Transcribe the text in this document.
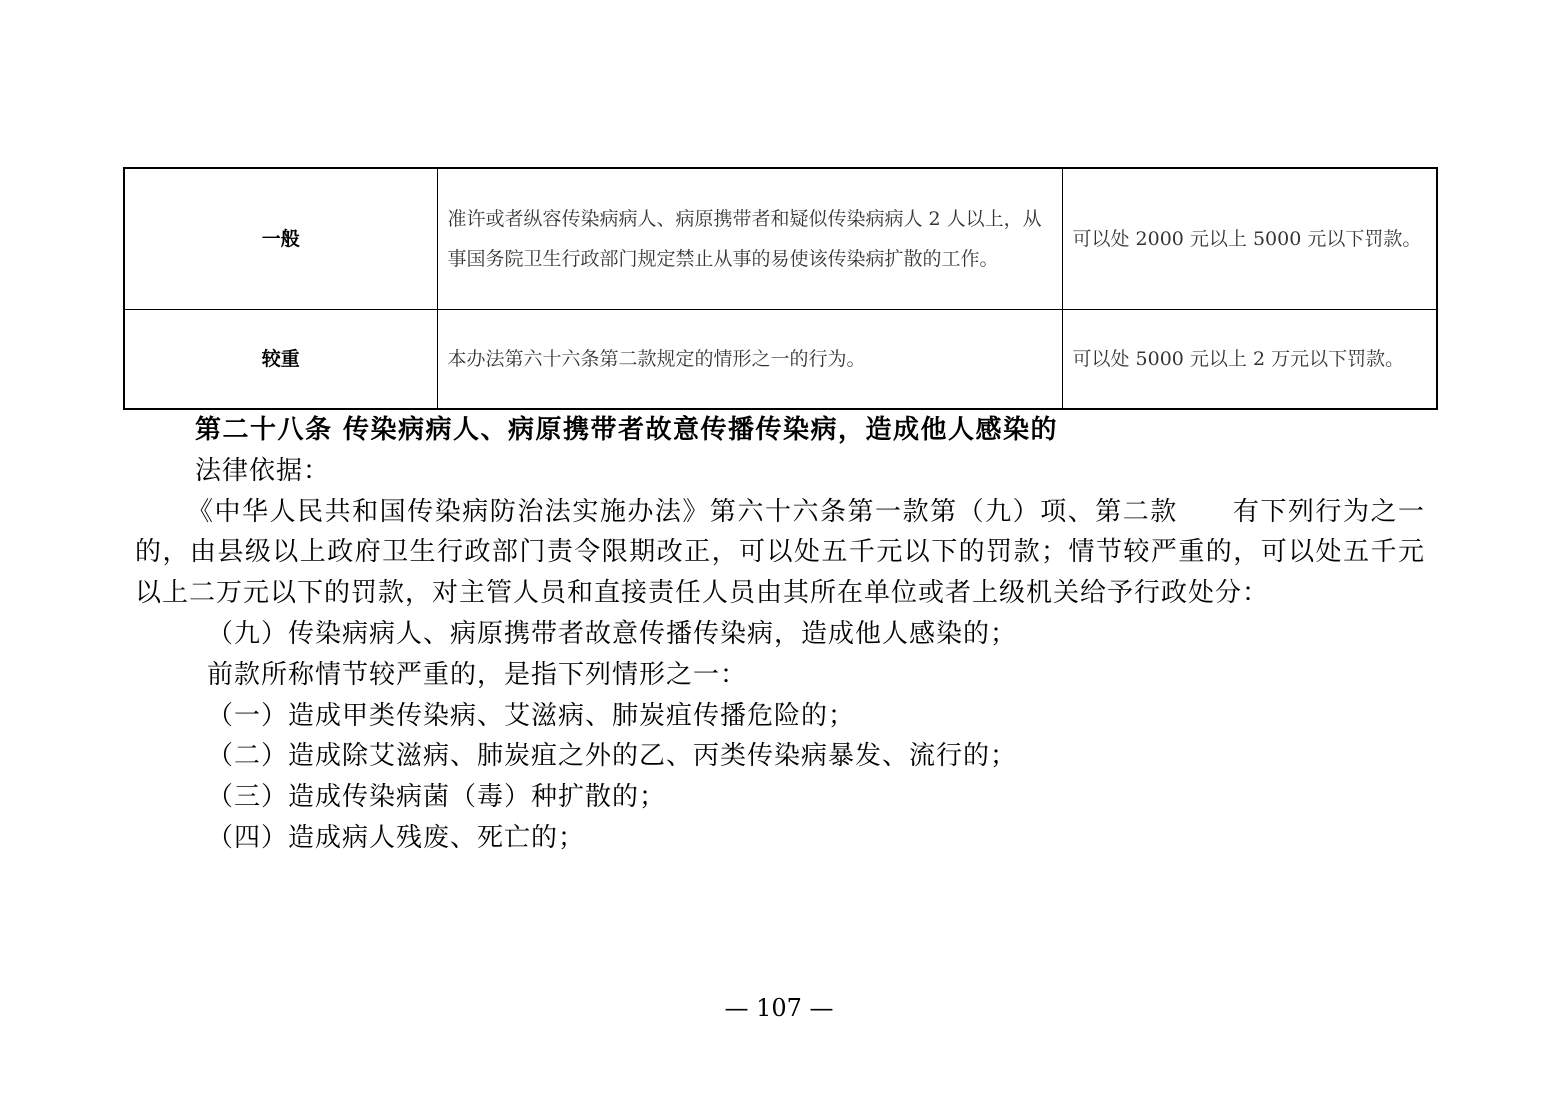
一般	准许或者纵容传染病病人、病原携带者和疑似传染病病人 2 人以上，从事国务院卫生行政部门规定禁止从事的易使该传染病扩散的工作。	可以处 2000 元以上 5000 元以下罚款。
较重	本办法第六十六条第二款规定的情形之一的行为。	可以处 5000 元以上 2 万元以下罚款。

第二十八条 传染病病人、病原携带者故意传播传染病，造成他人感染的

法律依据：

《中华人民共和国传染病防治法实施办法》第六十六条第一款第（九）项、第二款　　有下列行为之一的，由县级以上政府卫生行政部门责令限期改正，可以处五千元以下的罚款；情节较严重的，可以处五千元以上二万元以下的罚款，对主管人员和直接责任人员由其所在单位或者上级机关给予行政处分：

（九）传染病病人、病原携带者故意传播传染病，造成他人感染的；

前款所称情节较严重的，是指下列情形之一：

（一）造成甲类传染病、艾滋病、肺炭疽传播危险的；

（二）造成除艾滋病、肺炭疽之外的乙、丙类传染病暴发、流行的；

（三）造成传染病菌（毒）种扩散的；

（四）造成病人残废、死亡的；

— 107 —
